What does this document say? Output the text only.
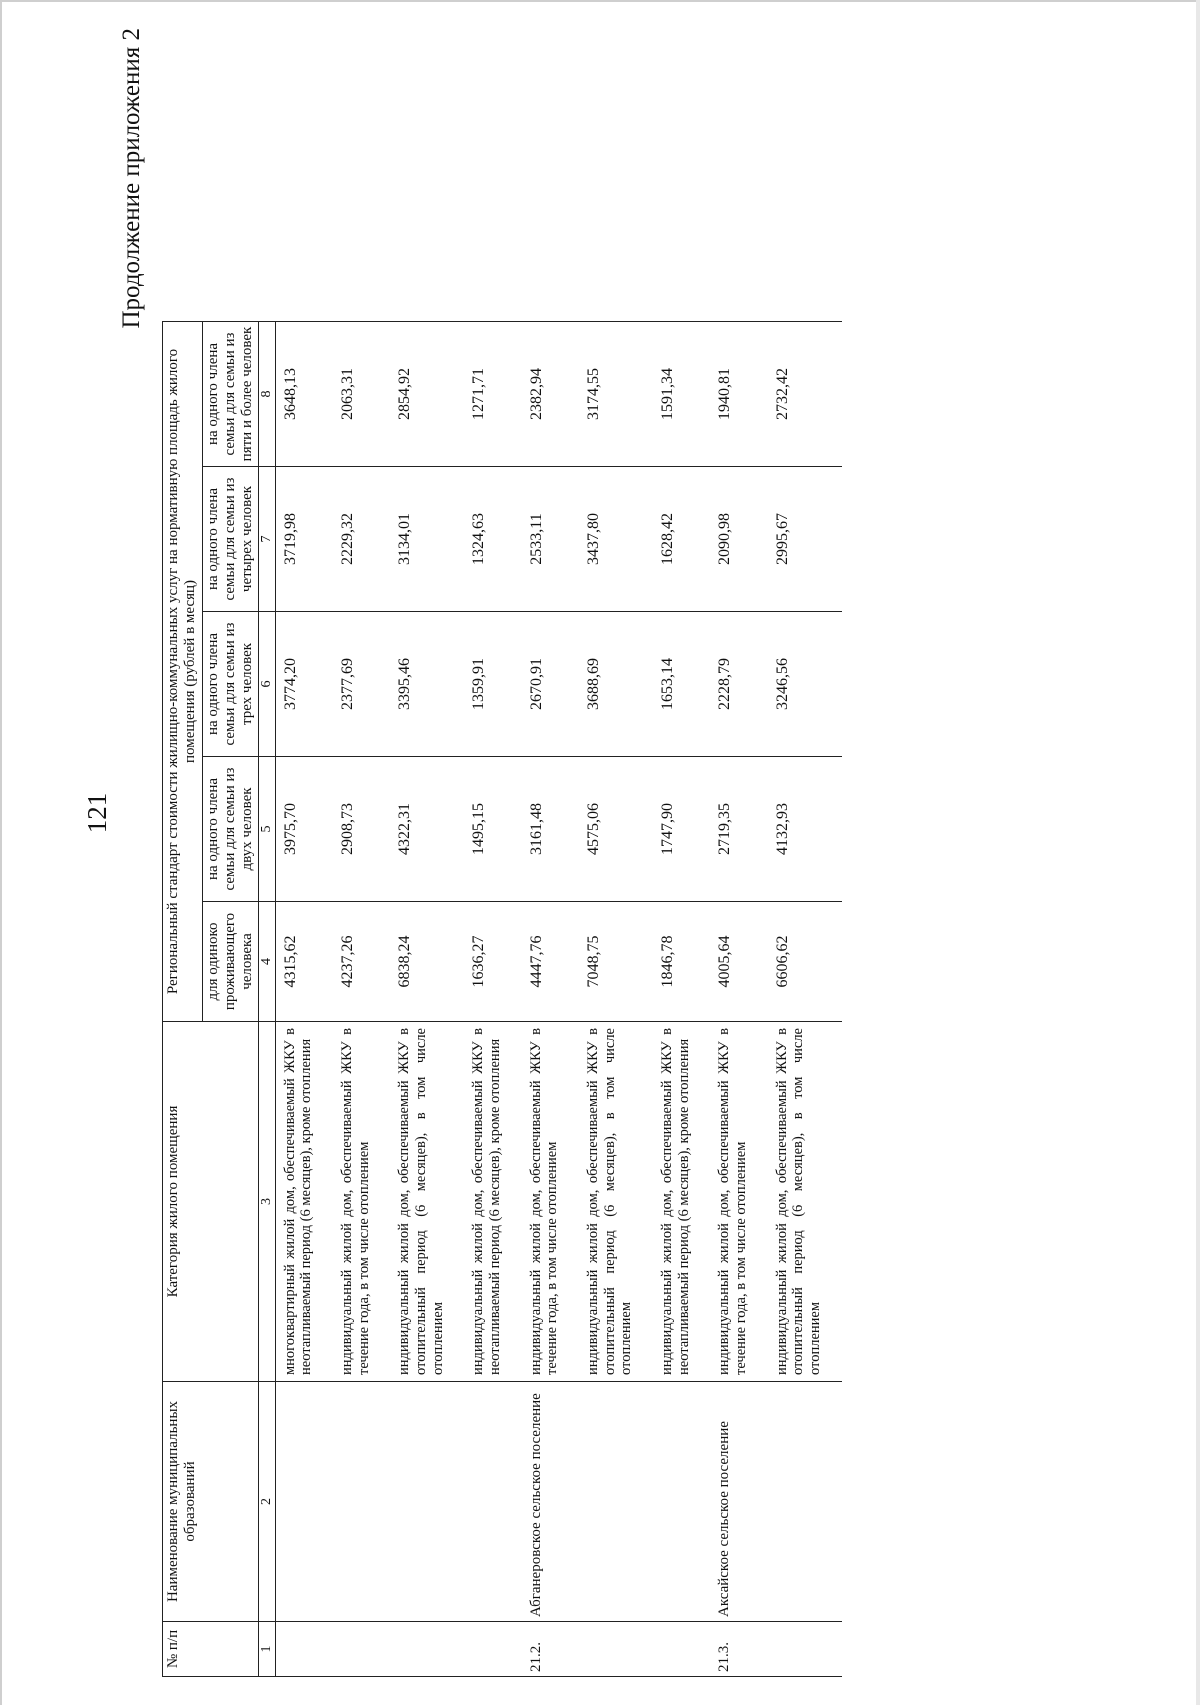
121
Продолжение приложения 2
№ п/п	Наименование муниципальных образований	Категория жилого помещения	Региональный стандарт стоимости жилищно-коммунальных услуг на нормативную площадь жилого помещения (рублей в месяц)				
			для одиноко проживающего человека	на одного члена семьи для семьи из двух человек	на одного члена семьи для семьи из трех человек	на одного члена семьи для семьи из четырех человек	на одного члена семьи для семьи из пяти и более человек
1	2	3	4	5	6	7	8
		многоквартирный жилой дом, обеспечиваемый ЖКУ в неотапливаемый период (6 месяцев), кроме отопления	4315,62	3975,70	3774,20	3719,98	3648,13
		индивидуальный жилой дом, обеспечиваемый ЖКУ в течение года, в том числе отоплением	4237,26	2908,73	2377,69	2229,32	2063,31
		индивидуальный жилой дом, обеспечиваемый ЖКУ в отопительный период (6 месяцев), в том числе отоплением	6838,24	4322,31	3395,46	3134,01	2854,92
		индивидуальный жилой дом, обеспечиваемый ЖКУ в неотапливаемый период (6 месяцев), кроме отопления	1636,27	1495,15	1359,91	1324,63	1271,71
21.2.	Абганеровское сельское поселение	индивидуальный жилой дом, обеспечиваемый ЖКУ в течение года, в том числе отоплением	4447,76	3161,48	2670,91	2533,11	2382,94
		индивидуальный жилой дом, обеспечиваемый ЖКУ в отопительный период (6 месяцев), в том числе отоплением	7048,75	4575,06	3688,69	3437,80	3174,55
		индивидуальный жилой дом, обеспечиваемый ЖКУ в неотапливаемый период (6 месяцев), кроме отопления	1846,78	1747,90	1653,14	1628,42	1591,34
21.3.	Аксайское сельское поселение	индивидуальный жилой дом, обеспечиваемый ЖКУ в течение года, в том числе отоплением	4005,64	2719,35	2228,79	2090,98	1940,81
		индивидуальный жилой дом, обеспечиваемый ЖКУ в отопительный период (6 месяцев), в том числе отоплением	6606,62	4132,93	3246,56	2995,67	2732,42
